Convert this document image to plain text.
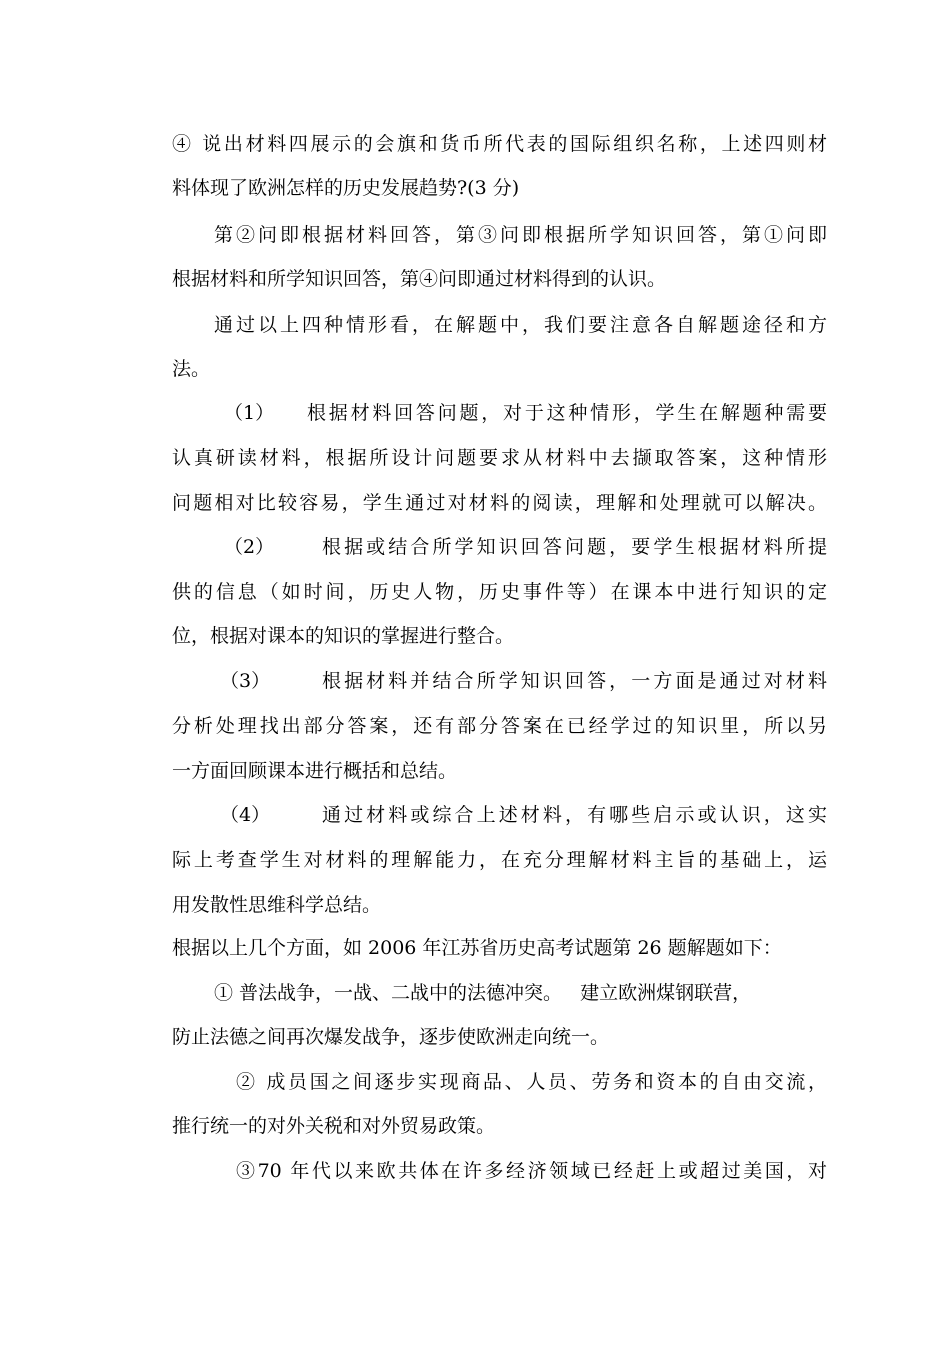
④ 说出材料四展示的会旗和货币所代表的国际组织名称，上述四则材
料体现了欧洲怎样的历史发展趋势?(3 分)
第②问即根据材料回答，第③问即根据所学知识回答，第①问即
根据材料和所学知识回答，第④问即通过材料得到的认识。
通过以上四种情形看，在解题中，我们要注意各自解题途径和方
法。
（1）	根据材料回答问题，对于这种情形，学生在解题种需要
认真研读材料，根据所设计问题要求从材料中去撷取答案，这种情形
问题相对比较容易，学生通过对材料的阅读，理解和处理就可以解决。
（2）	根据或结合所学知识回答问题，要学生根据材料所提
供的信息（如时间，历史人物，历史事件等）在课本中进行知识的定
位，根据对课本的知识的掌握进行整合。
（3）	根据材料并结合所学知识回答，一方面是通过对材料
分析处理找出部分答案，还有部分答案在已经学过的知识里，所以另
一方面回顾课本进行概括和总结。
（4）	通过材料或综合上述材料，有哪些启示或认识，这实
际上考查学生对材料的理解能力，在充分理解材料主旨的基础上，运
用发散性思维科学总结。
根据以上几个方面，如 2006 年江苏省历史高考试题第 26 题解题如下：
① 普法战争，一战、二战中的法德冲突。   建立欧洲煤钢联营，
防止法德之间再次爆发战争，逐步使欧洲走向统一。
② 成员国之间逐步实现商品、人员、劳务和资本的自由交流，
推行统一的对外关税和对外贸易政策。
③70 年代以来欧共体在许多经济领域已经赶上或超过美国，对
